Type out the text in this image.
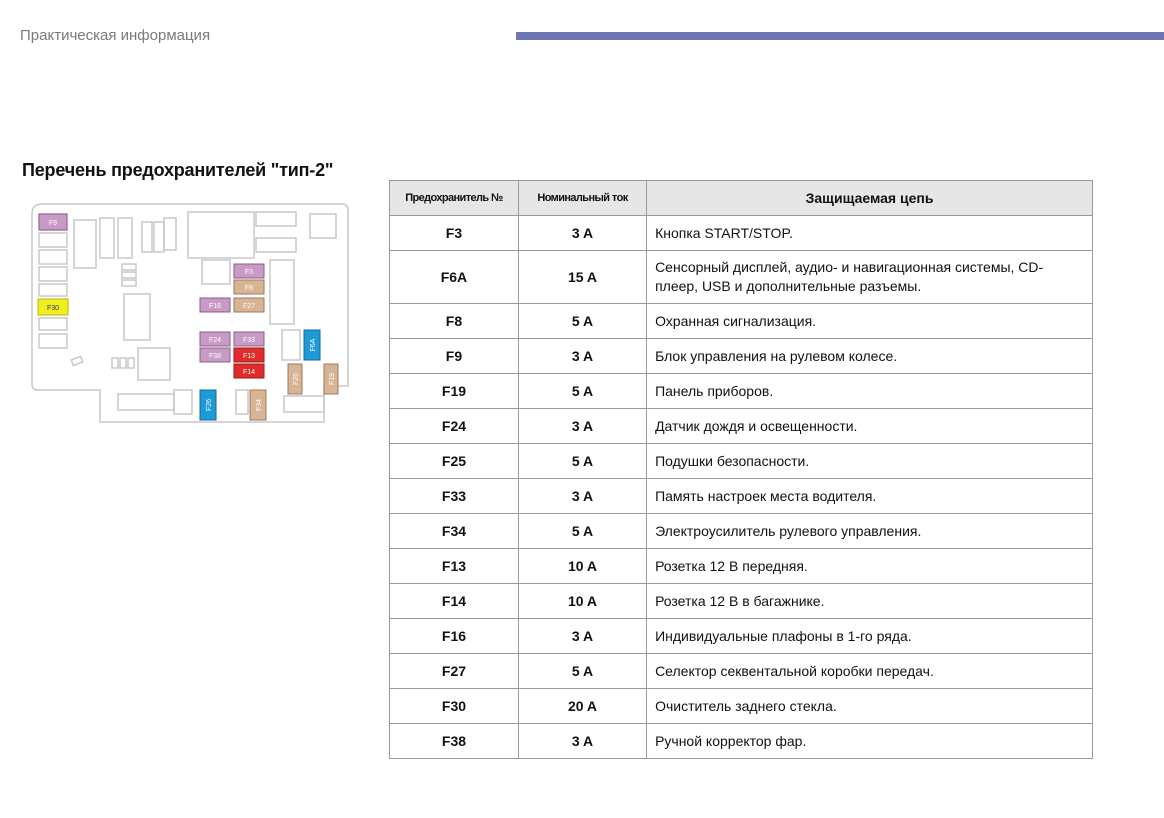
Практическая информация
Перечень предохранителей "тип-2"
F9
F30
F3
F8
F16	F27
F24	F33
F38	F13
F14
F6A
F25	F19
F26	F34
Предохранитель №	Номинальный ток	Защищаемая цепь
F3	3 A	Кнопка START/STOP.
F6A	15 A	Сенсорный дисплей, аудио- и навигационная системы, CD-плеер, USB и дополнительные разъемы.
F8	5 A	Охранная сигнализация.
F9	3 A	Блок управления на рулевом колесе.
F19	5 A	Панель приборов.
F24	3 A	Датчик дождя и освещенности.
F25	5 A	Подушки безопасности.
F33	3 A	Память настроек места водителя.
F34	5 A	Электроусилитель рулевого управления.
F13	10 A	Розетка 12 В передняя.
F14	10 A	Розетка 12 В в багажнике.
F16	3 A	Индивидуальные плафоны в 1-го ряда.
F27	5 A	Селектор секвентальной коробки передач.
F30	20 A	Очиститель заднего стекла.
F38	3 A	Ручной корректор фар.
